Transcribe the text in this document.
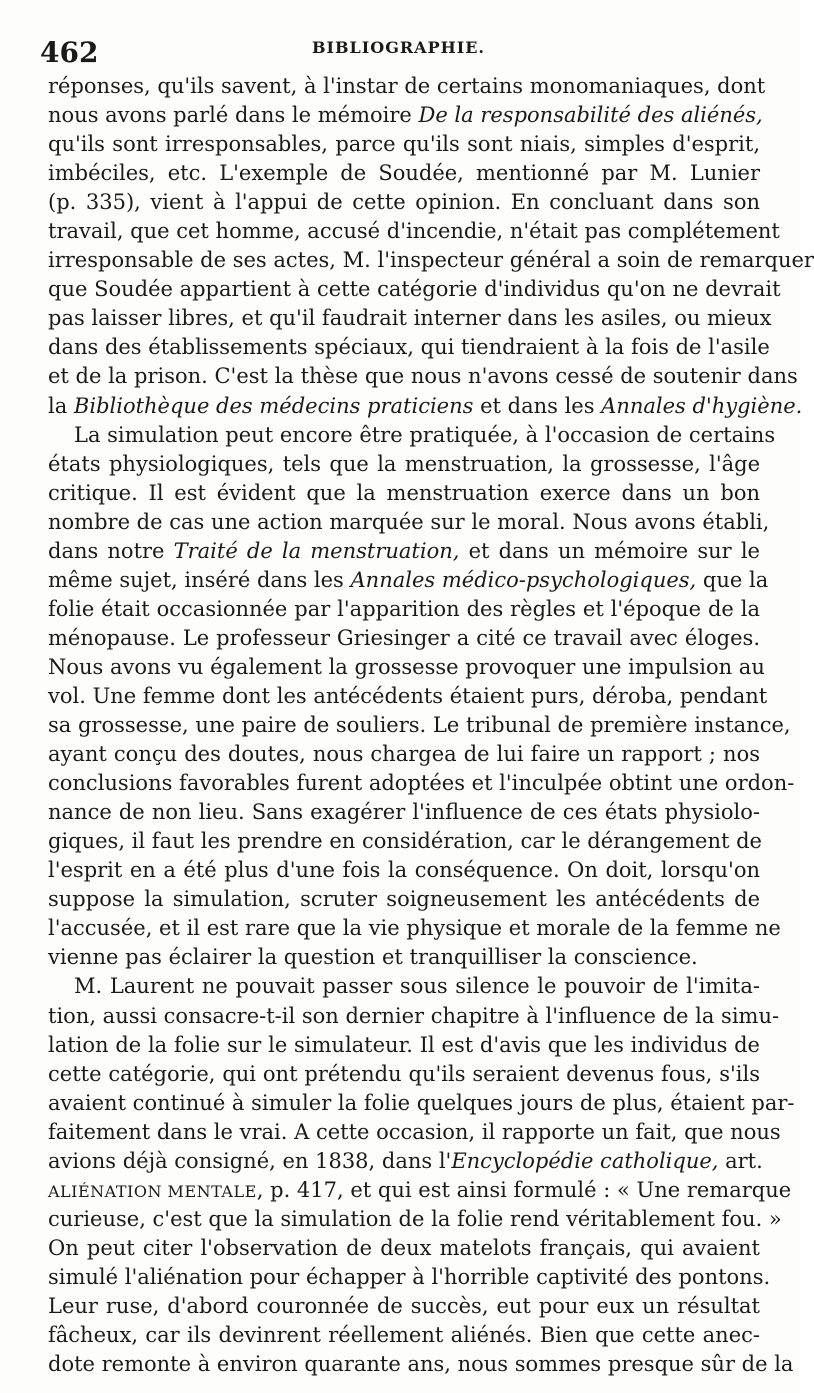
462	BIBLIOGRAPHIE.
réponses, qu'ils savent, à l'instar de certains monomaniaques, dont
nous avons parlé dans le mémoire De la responsabilité des aliénés,
qu'ils sont irresponsables, parce qu'ils sont niais, simples d'esprit,
imbéciles, etc. L'exemple de Soudée, mentionné par M. Lunier
(p. 335), vient à l'appui de cette opinion. En concluant dans son
travail, que cet homme, accusé d'incendie, n'était pas complétement
irresponsable de ses actes, M. l'inspecteur général a soin de remarquer
que Soudée appartient à cette catégorie d'individus qu'on ne devrait
pas laisser libres, et qu'il faudrait interner dans les asiles, ou mieux
dans des établissements spéciaux, qui tiendraient à la fois de l'asile
et de la prison. C'est la thèse que nous n'avons cessé de soutenir dans
la Bibliothèque des médecins praticiens et dans les Annales d'hygiène.
La simulation peut encore être pratiquée, à l'occasion de certains
états physiologiques, tels que la menstruation, la grossesse, l'âge
critique. Il est évident que la menstruation exerce dans un bon
nombre de cas une action marquée sur le moral. Nous avons établi,
dans notre Traité de la menstruation, et dans un mémoire sur le
même sujet, inséré dans les Annales médico-psychologiques, que la
folie était occasionnée par l'apparition des règles et l'époque de la
ménopause. Le professeur Griesinger a cité ce travail avec éloges.
Nous avons vu également la grossesse provoquer une impulsion au
vol. Une femme dont les antécédents étaient purs, déroba, pendant
sa grossesse, une paire de souliers. Le tribunal de première instance,
ayant conçu des doutes, nous chargea de lui faire un rapport ; nos
conclusions favorables furent adoptées et l'inculpée obtint une ordon-
nance de non lieu. Sans exagérer l'influence de ces états physiolo-
giques, il faut les prendre en considération, car le dérangement de
l'esprit en a été plus d'une fois la conséquence. On doit, lorsqu'on
suppose la simulation, scruter soigneusement les antécédents de
l'accusée, et il est rare que la vie physique et morale de la femme ne
vienne pas éclairer la question et tranquilliser la conscience.
M. Laurent ne pouvait passer sous silence le pouvoir de l'imita-
tion, aussi consacre-t-il son dernier chapitre à l'influence de la simu-
lation de la folie sur le simulateur. Il est d'avis que les individus de
cette catégorie, qui ont prétendu qu'ils seraient devenus fous, s'ils
avaient continué à simuler la folie quelques jours de plus, étaient par-
faitement dans le vrai. A cette occasion, il rapporte un fait, que nous
avions déjà consigné, en 1838, dans l'Encyclopédie catholique, art.
ALIÉNATION MENTALE, p. 417, et qui est ainsi formulé : « Une remarque
curieuse, c'est que la simulation de la folie rend véritablement fou. »
On peut citer l'observation de deux matelots français, qui avaient
simulé l'aliénation pour échapper à l'horrible captivité des pontons.
Leur ruse, d'abord couronnée de succès, eut pour eux un résultat
fâcheux, car ils devinrent réellement aliénés. Bien que cette anec-
dote remonte à environ quarante ans, nous sommes presque sûr de la
